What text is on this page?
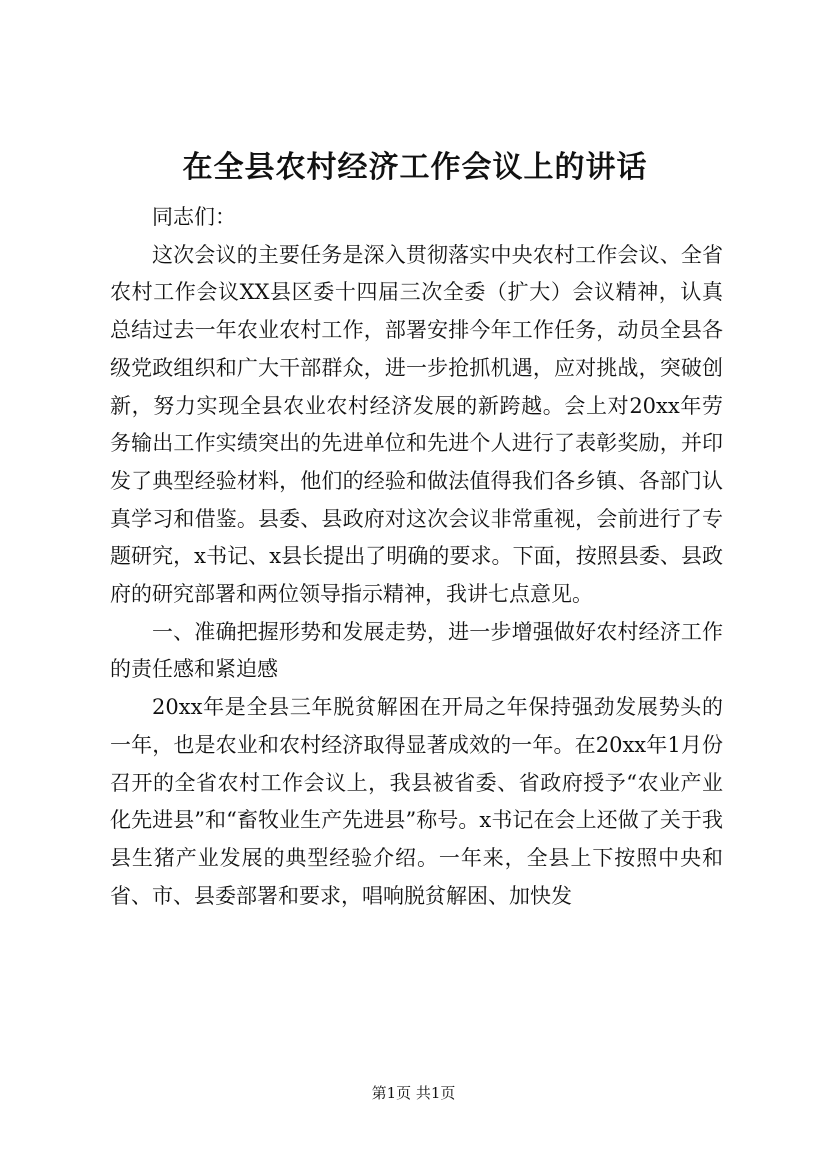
在全县农村经济工作会议上的讲话

同志们：

这次会议的主要任务是深入贯彻落实中央农村工作会议、全省农村工作会议XX县区委十四届三次全委（扩大）会议精神，认真总结过去一年农业农村工作，部署安排今年工作任务，动员全县各级党政组织和广大干部群众，进一步抢抓机遇，应对挑战，突破创新，努力实现全县农业农村经济发展的新跨越。会上对20xx年劳务输出工作实绩突出的先进单位和先进个人进行了表彰奖励，并印发了典型经验材料，他们的经验和做法值得我们各乡镇、各部门认真学习和借鉴。县委、县政府对这次会议非常重视，会前进行了专题研究，x书记、x县长提出了明确的要求。下面，按照县委、县政府的研究部署和两位领导指示精神，我讲七点意见。

一、准确把握形势和发展走势，进一步增强做好农村经济工作的责任感和紧迫感

20xx年是全县三年脱贫解困在开局之年保持强劲发展势头的一年，也是农业和农村经济取得显著成效的一年。在20xx年1月份召开的全省农村工作会议上，我县被省委、省政府授予“农业产业化先进县”和“畜牧业生产先进县”称号。x书记在会上还做了关于我县生猪产业发展的典型经验介绍。一年来，全县上下按照中央和省、市、县委部署和要求，唱响脱贫解困、加快发

第1页 共1页
